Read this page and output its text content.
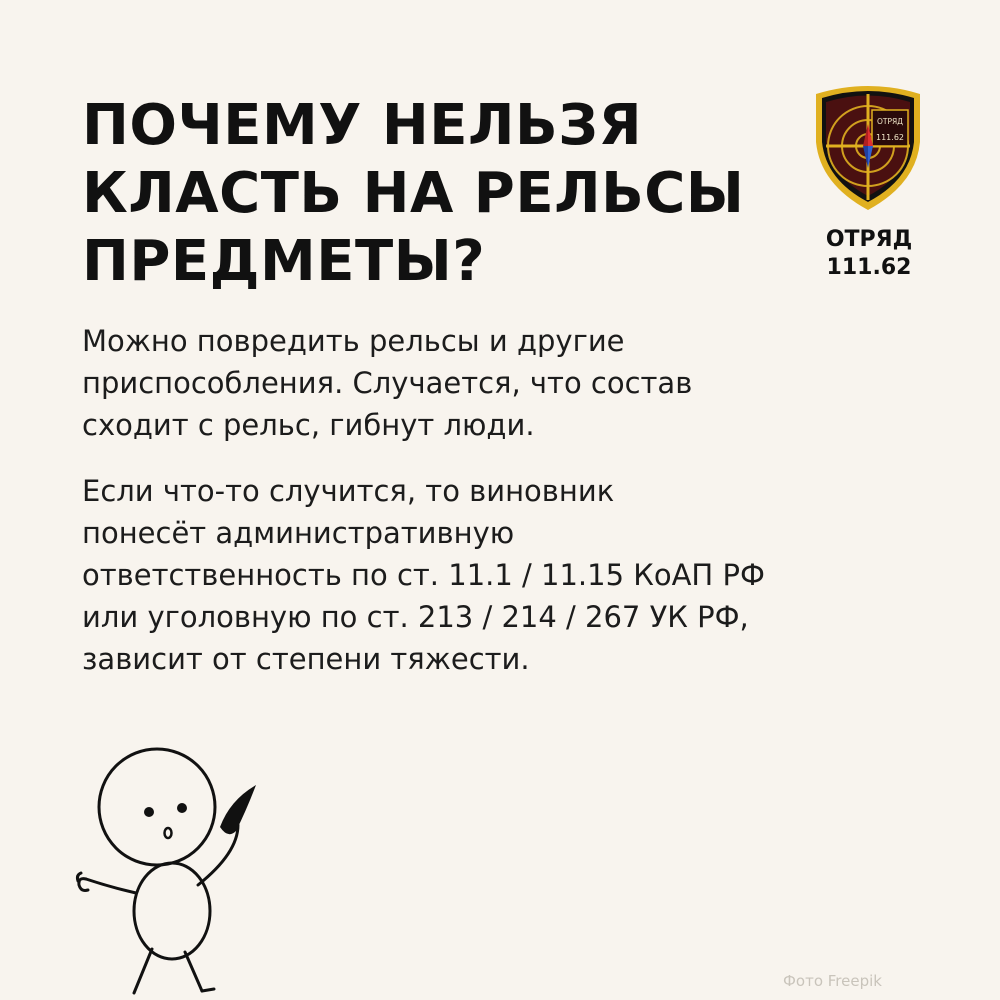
ПОЧЕМУ НЕЛЬЗЯ
КЛАСТЬ НА РЕЛЬСЫ
ПРЕДМЕТЫ?

Можно повредить рельсы и другие
приспособления. Случается, что состав
сходит с рельс, гибнут люди.

Если что-то случится, то виновник
понесёт административную
ответственность по ст. 11.1 / 11.15 КоАП РФ
или уголовную по ст. 213 / 214 / 267 УК РФ,
зависит от степени тяжести.

ОТРЯД
111.62
ОТРЯД
111.62
Фото Freepik
